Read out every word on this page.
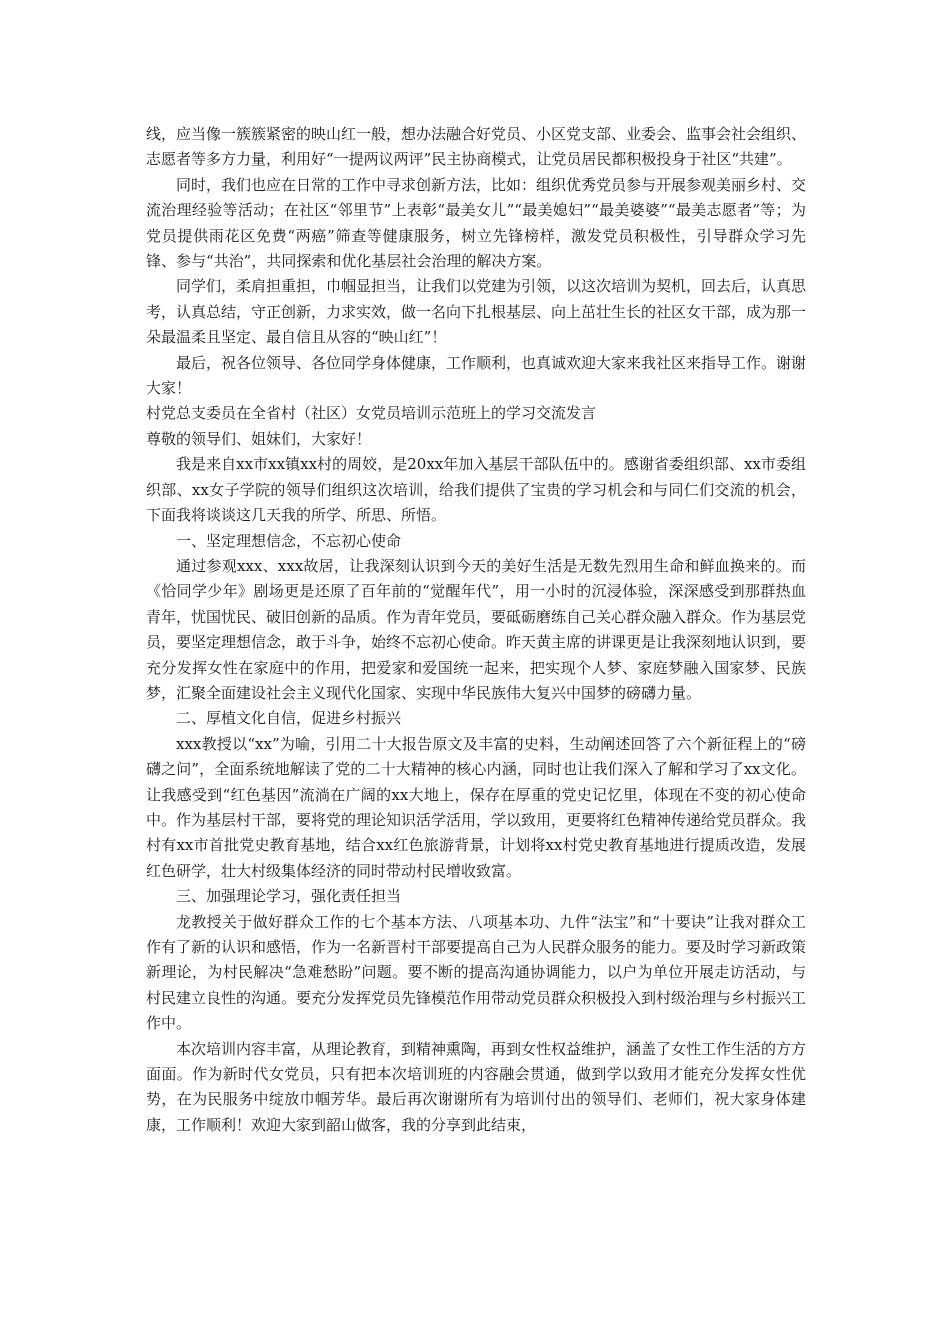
线，应当像一簇簇紧密的映山红一般，想办法融合好党员、小区党支部、业委会、监事会社会组织、志愿者等多方力量，利用好“一提两议两评”民主协商模式，让党员居民都积极投身于社区“共建”。

同时，我们也应在日常的工作中寻求创新方法，比如：组织优秀党员参与开展参观美丽乡村、交流治理经验等活动；在社区“邻里节”上表彰“最美女儿”“最美媳妇”“最美婆婆”“最美志愿者”等；为党员提供雨花区免费“两癌”筛查等健康服务，树立先锋榜样，激发党员积极性，引导群众学习先锋、参与“共治”，共同探索和优化基层社会治理的解决方案。

同学们，柔肩担重担，巾帼显担当，让我们以党建为引领，以这次培训为契机，回去后，认真思考，认真总结，守正创新，力求实效，做一名向下扎根基层、向上茁壮生长的社区女干部，成为那一朵最温柔且坚定、最自信且从容的“映山红”！

最后，祝各位领导、各位同学身体健康，工作顺利，也真诚欢迎大家来我社区来指导工作。谢谢大家！

村党总支委员在全省村（社区）女党员培训示范班上的学习交流发言

尊敬的领导们、姐妹们，大家好！

我是来自xx市xx镇xx村的周姣，是20xx年加入基层干部队伍中的。感谢省委组织部、xx市委组织部、xx女子学院的领导们组织这次培训，给我们提供了宝贵的学习机会和与同仁们交流的机会，下面我将谈谈这几天我的所学、所思、所悟。

一、坚定理想信念，不忘初心使命

通过参观xxx、xxx故居，让我深刻认识到今天的美好生活是无数先烈用生命和鲜血换来的。而《恰同学少年》剧场更是还原了百年前的“觉醒年代”，用一小时的沉浸体验，深深感受到那群热血青年，忧国忧民、破旧创新的品质。作为青年党员，要砥砺磨练自己关心群众融入群众。作为基层党员，要坚定理想信念，敢于斗争，始终不忘初心使命。昨天黄主席的讲课更是让我深刻地认识到，要充分发挥女性在家庭中的作用，把爱家和爱国统一起来，把实现个人梦、家庭梦融入国家梦、民族梦，汇聚全面建设社会主义现代化国家、实现中华民族伟大复兴中国梦的磅礴力量。

二、厚植文化自信，促进乡村振兴

xxx教授以“xx”为喻，引用二十大报告原文及丰富的史料，生动阐述回答了六个新征程上的“磅礴之问”，全面系统地解读了党的二十大精神的核心内涵，同时也让我们深入了解和学习了xx文化。让我感受到“红色基因”流淌在广阔的xx大地上，保存在厚重的党史记忆里，体现在不变的初心使命中。作为基层村干部，要将党的理论知识活学活用，学以致用，更要将红色精神传递给党员群众。我村有xx市首批党史教育基地，结合xx红色旅游背景，计划将xx村党史教育基地进行提质改造，发展红色研学，壮大村级集体经济的同时带动村民增收致富。

三、加强理论学习，强化责任担当

龙教授关于做好群众工作的七个基本方法、八项基本功、九件“法宝”和“十要诀”让我对群众工作有了新的认识和感悟，作为一名新晋村干部要提高自己为人民群众服务的能力。要及时学习新政策新理论，为村民解决“急难愁盼”问题。要不断的提高沟通协调能力，以户为单位开展走访活动，与村民建立良性的沟通。要充分发挥党员先锋模范作用带动党员群众积极投入到村级治理与乡村振兴工作中。

本次培训内容丰富，从理论教育，到精神熏陶，再到女性权益维护，涵盖了女性工作生活的方方面面。作为新时代女党员，只有把本次培训班的内容融会贯通，做到学以致用才能充分发挥女性优势，在为民服务中绽放巾帼芳华。最后再次谢谢所有为培训付出的领导们、老师们，祝大家身体建康，工作顺利！欢迎大家到韶山做客，我的分享到此结束，
